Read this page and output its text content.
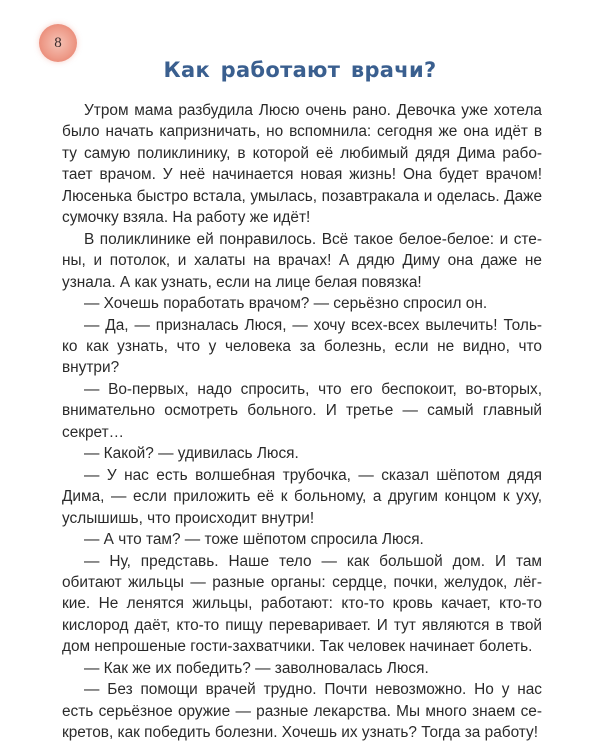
8
Как работают врачи?
Утром мама разбудила Люсю очень рано. Девочка уже хотела
было начать капризничать, но вспомнила: сегодня же она идёт в
ту самую поликлинику, в которой её любимый дядя Дима рабо-
тает врачом. У неё начинается новая жизнь! Она будет врачом!
Люсенька быстро встала, умылась, позавтракала и оделась. Даже
сумочку взяла. На работу же идёт!
В поликлинике ей понравилось. Всё такое белое-белое: и сте-
ны, и потолок, и халаты на врачах! А дядю Диму она даже не
узнала. А как узнать, если на лице белая повязка!
— Хочешь поработать врачом? — серьёзно спросил он.
— Да, — призналась Люся, — хочу всех-всех вылечить! Толь-
ко как узнать, что у человека за болезнь, если не видно, что
внутри?
— Во-первых, надо спросить, что его беспокоит, во-вторых,
внимательно осмотреть больного. И третье — самый главный
секрет…
— Какой? — удивилась Люся.
— У нас есть волшебная трубочка, — сказал шёпотом дядя
Дима, — если приложить её к больному, а другим концом к уху,
услышишь, что происходит внутри!
— А что там? — тоже шёпотом спросила Люся.
— Ну, представь. Наше тело — как большой дом. И там
обитают жильцы — разные органы: сердце, почки, желудок, лёг-
кие. Не ленятся жильцы, работают: кто-то кровь качает, кто-то
кислород даёт, кто-то пищу переваривает. И тут являются в твой
дом непрошеные гости-захватчики. Так человек начинает болеть.
— Как же их победить? — заволновалась Люся.
— Без помощи врачей трудно. Почти невозможно. Но у нас
есть серьёзное оружие — разные лекарства. Мы много знаем се-
кретов, как победить болезни. Хочешь их узнать? Тогда за работу!
